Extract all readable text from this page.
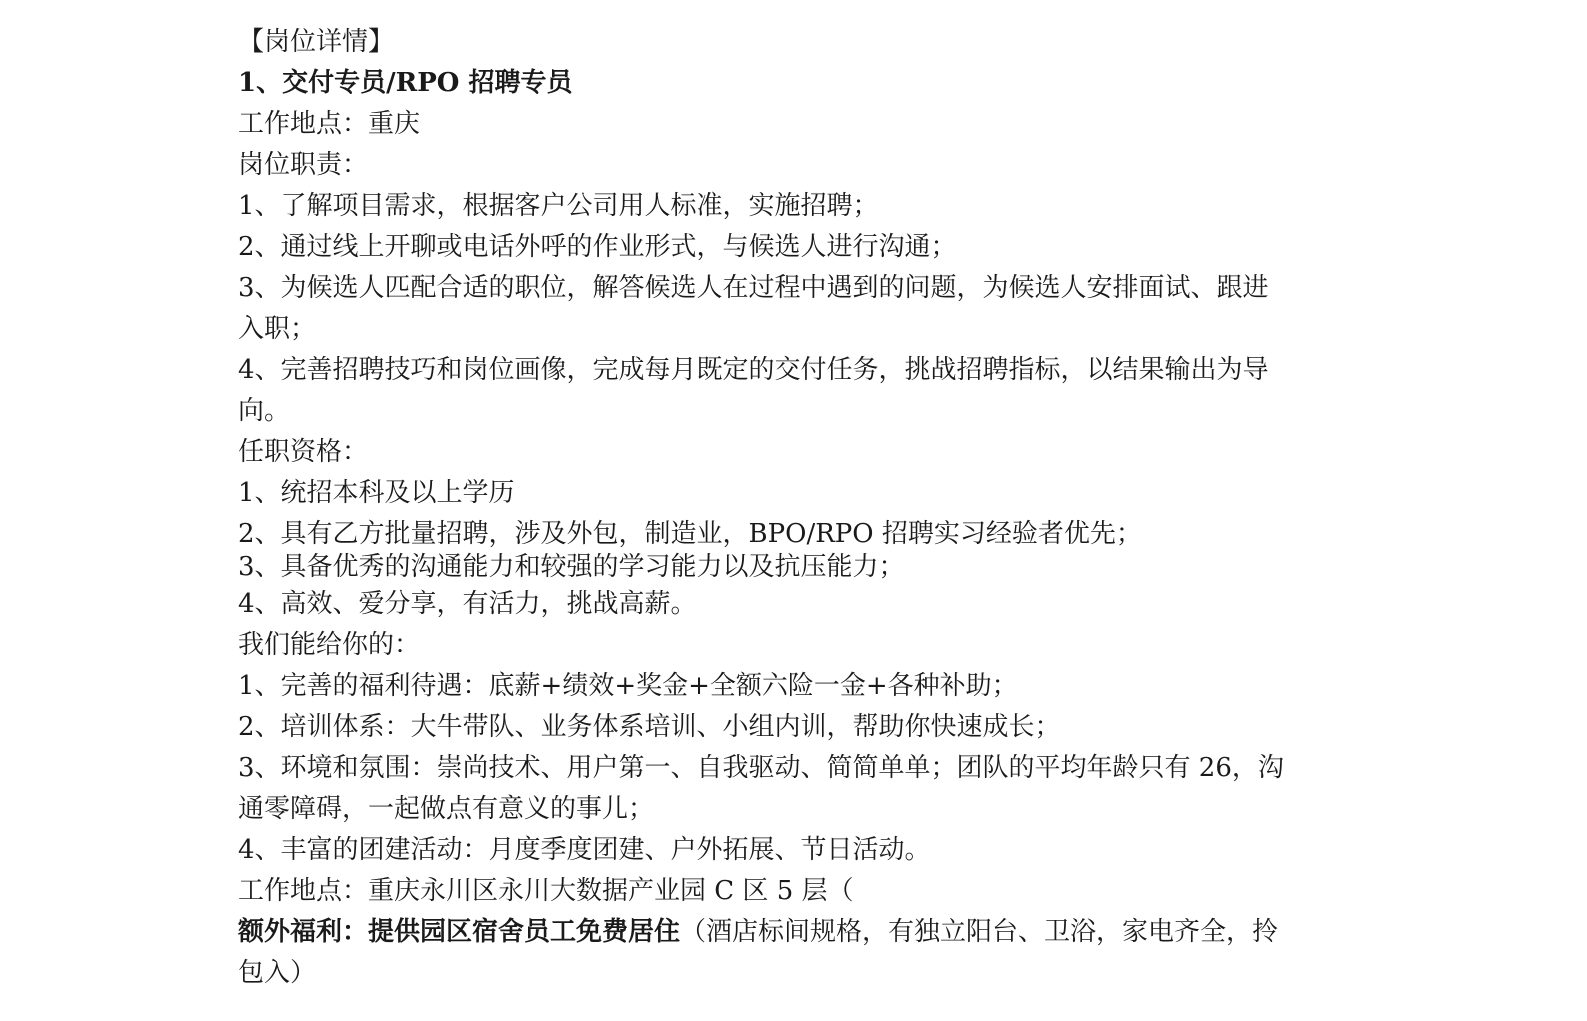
【岗位详情】
1、交付专员/RPO 招聘专员
工作地点：重庆
岗位职责：
1、了解项目需求，根据客户公司用人标准，实施招聘；
2、通过线上开聊或电话外呼的作业形式，与候选人进行沟通；
3、为候选人匹配合适的职位，解答候选人在过程中遇到的问题，为候选人安排面试、跟进
入职；
4、完善招聘技巧和岗位画像，完成每月既定的交付任务，挑战招聘指标，以结果输出为导
向。
任职资格：
1、统招本科及以上学历
2、具有乙方批量招聘，涉及外包，制造业，BPO/RPO 招聘实习经验者优先；
3、具备优秀的沟通能力和较强的学习能力以及抗压能力；
4、高效、爱分享，有活力，挑战高薪。
我们能给你的：
1、完善的福利待遇：底薪+绩效+奖金+全额六险一金+各种补助；
2、培训体系：大牛带队、业务体系培训、小组内训，帮助你快速成长；
3、环境和氛围：崇尚技术、用户第一、自我驱动、简简单单；团队的平均年龄只有 26，沟
通零障碍，一起做点有意义的事儿；
4、丰富的团建活动：月度季度团建、户外拓展、节日活动。
工作地点：重庆永川区永川大数据产业园 C 区 5 层（
额外福利：提供园区宿舍员工免费居住（酒店标间规格，有独立阳台、卫浴，家电齐全，拎
包入）
